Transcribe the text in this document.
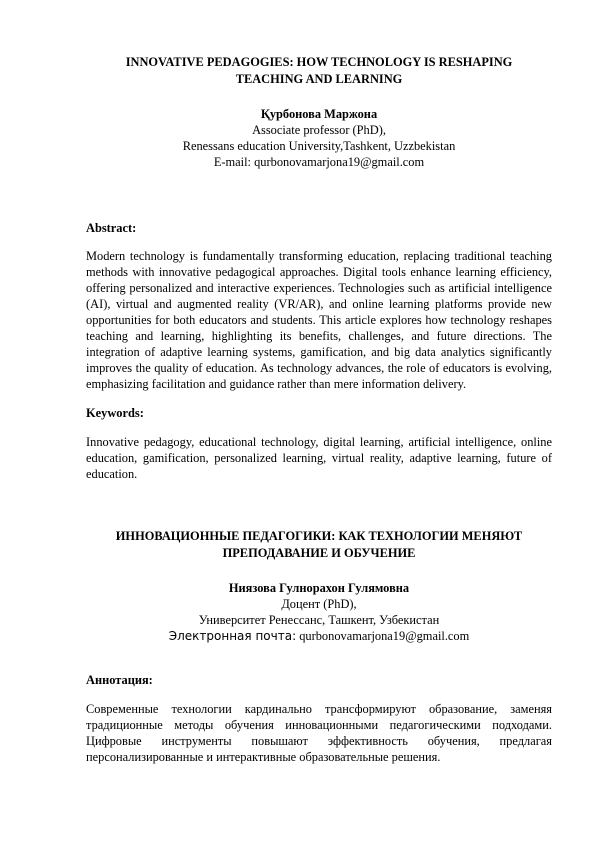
INNOVATIVE PEDAGOGIES: HOW TECHNOLOGY IS RESHAPING
TEACHING AND LEARNING
Қурбонова Маржона
Associate professor (PhD),
Renessans education University,Tashkent, Uzzbekistan
E-mail: qurbonovamarjona19@gmail.com
Abstract:

Modern technology is fundamentally transforming education, replacing traditional teaching methods with innovative pedagogical approaches. Digital tools enhance learning efficiency, offering personalized and interactive experiences. Technologies such as artificial intelligence (AI), virtual and augmented reality (VR/AR), and online learning platforms provide new opportunities for both educators and students. This article explores how technology reshapes teaching and learning, highlighting its benefits, challenges, and future directions. The integration of adaptive learning systems, gamification, and big data analytics significantly improves the quality of education. As technology advances, the role of educators is evolving, emphasizing facilitation and guidance rather than mere information delivery.

Keywords:

Innovative pedagogy, educational technology, digital learning, artificial intelligence, online education, gamification, personalized learning, virtual reality, adaptive learning, future of education.

ИННОВАЦИОННЫЕ ПЕДАГОГИКИ: КАК ТЕХНОЛОГИИ МЕНЯЮТ
ПРЕПОДАВАНИЕ И ОБУЧЕНИЕ
Ниязова Гулнорахон Гулямовна
Доцент (PhD),
Университет Ренессанс, Ташкент, Узбекистан
Электронная почта: qurbonovamarjona19@gmail.com
Аннотация:

Современные технологии кардинально трансформируют образование, заменяя традиционные методы обучения инновационными педагогическими подходами. Цифровые инструменты повышают эффективность обучения, предлагая персонализированные и интерактивные образовательные решения.
